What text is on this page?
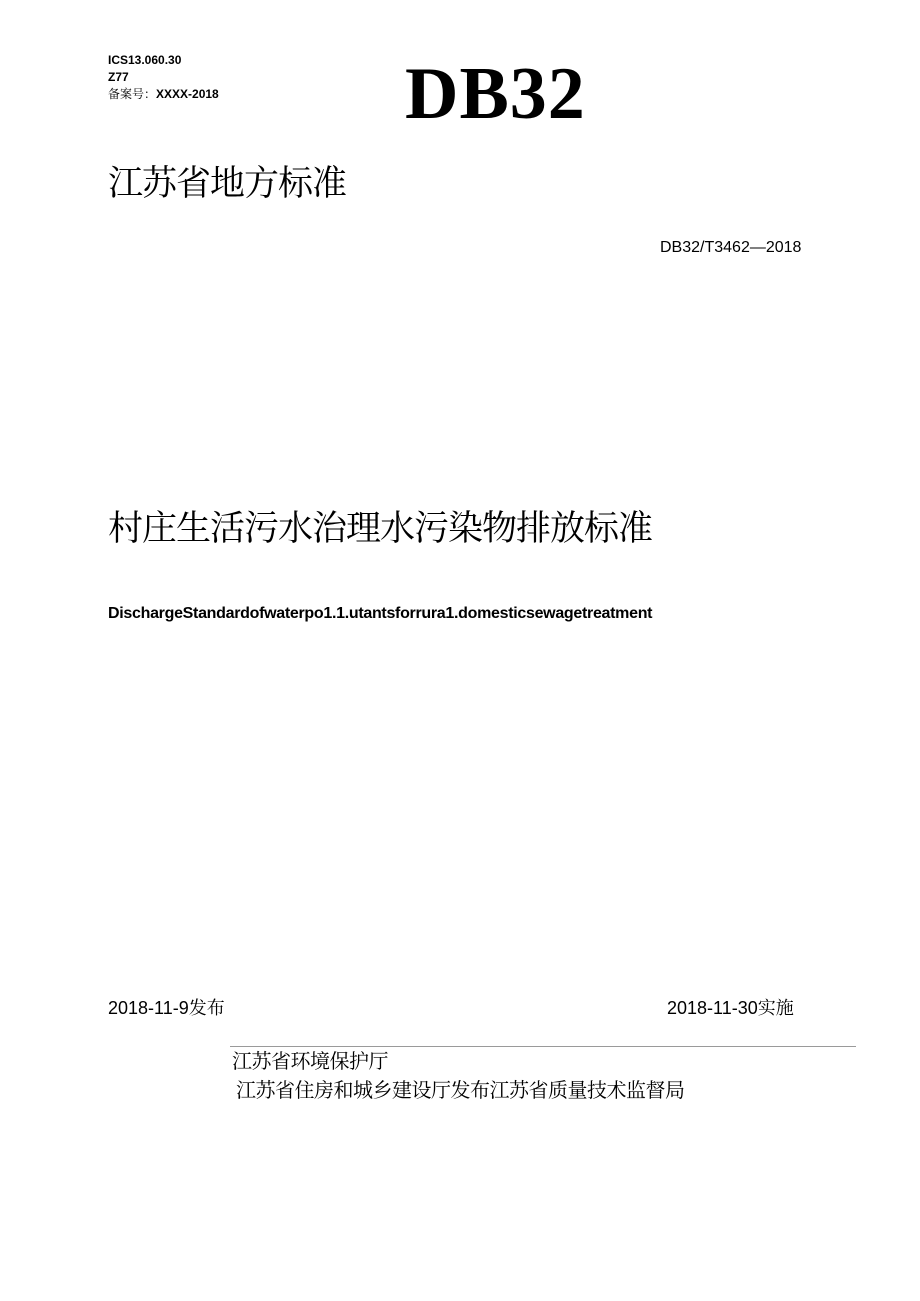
ICS13.060.30
Z77
备案号：XXXX-2018	DB32
江苏省地方标准
DB32/T3462—2018
村庄生活污水治理水污染物排放标准
DischargeStandardofwaterpo1.1.utantsforrura1.domesticsewagetreatment
2018-11-9发布	2018-11-30实施
江苏省环境保护厅
江苏省住房和城乡建设厅发布江苏省质量技术监督局
